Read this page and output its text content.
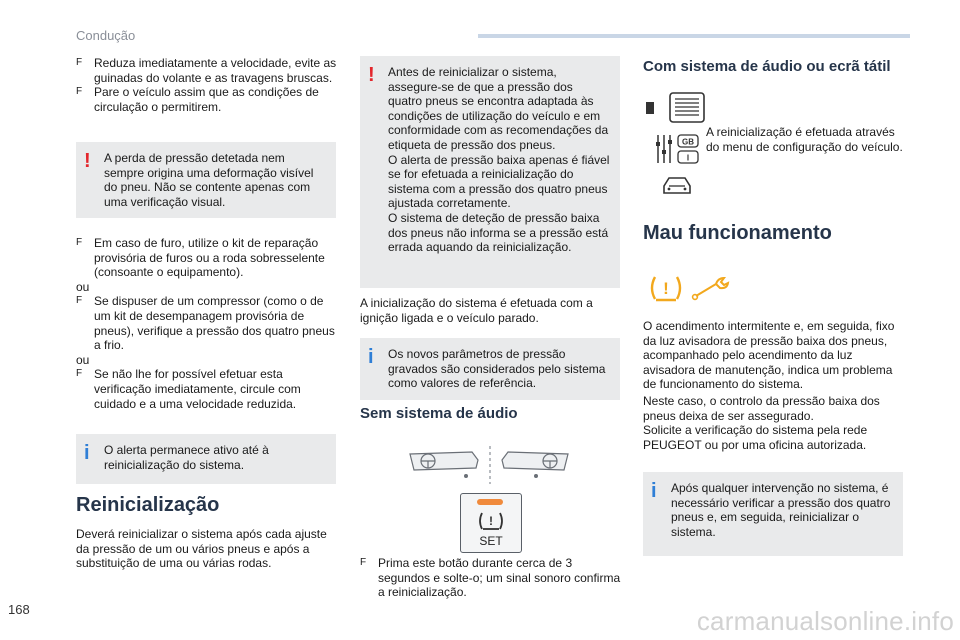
Condução
F Reduza imediatamente a velocidade, evite as guinadas do volante e as travagens bruscas.
F Pare o veículo assim que as condições de circulação o permitirem.
! A perda de pressão detetada nem sempre origina uma deformação visível do pneu. Não se contente apenas com uma verificação visual.
F Em caso de furo, utilize o kit de reparação provisória de furos ou a roda sobresselente (consoante o equipamento).
ou
F Se dispuser de um compressor (como o de um kit de desempanagem provisória de pneus), verifique a pressão dos quatro pneus a frio.
ou
F Se não lhe for possível efetuar esta verificação imediatamente, circule com cuidado e a uma velocidade reduzida.
i O alerta permanece ativo até à reinicialização do sistema.
Reinicialização
Deverá reinicializar o sistema após cada ajuste da pressão de um ou vários pneus e após a substituição de uma ou várias rodas.
! Antes de reinicializar o sistema, assegure-se de que a pressão dos quatro pneus se encontra adaptada às condições de utilização do veículo e em conformidade com as recomendações da etiqueta de pressão dos pneus.
O alerta de pressão baixa apenas é fiável se for efetuada a reinicialização do sistema com a pressão dos quatro pneus ajustada corretamente.
O sistema de deteção de pressão baixa dos pneus não informa se a pressão está errada aquando da reinicialização.
A inicialização do sistema é efetuada com a ignição ligada e o veículo parado.
i Os novos parâmetros de pressão gravados são considerados pelo sistema como valores de referência.
Sem sistema de áudio
!
SET
F Prima este botão durante cerca de 3 segundos e solte-o; um sinal sonoro confirma a reinicialização.
Com sistema de áudio ou ecrã tátil
GB
I
A reinicialização é efetuada através do menu de configuração do veículo.
Mau funcionamento
!
O acendimento intermitente e, em seguida, fixo da luz avisadora de pressão baixa dos pneus, acompanhado pelo acendimento da luz avisadora de manutenção, indica um problema de funcionamento do sistema.
Neste caso, o controlo da pressão baixa dos pneus deixa de ser assegurado.
Solicite a verificação do sistema pela rede PEUGEOT ou por uma oficina autorizada.
i Após qualquer intervenção no sistema, é necessário verificar a pressão dos quatro pneus e, em seguida, reinicializar o sistema.
168	carmanualsonline.info
